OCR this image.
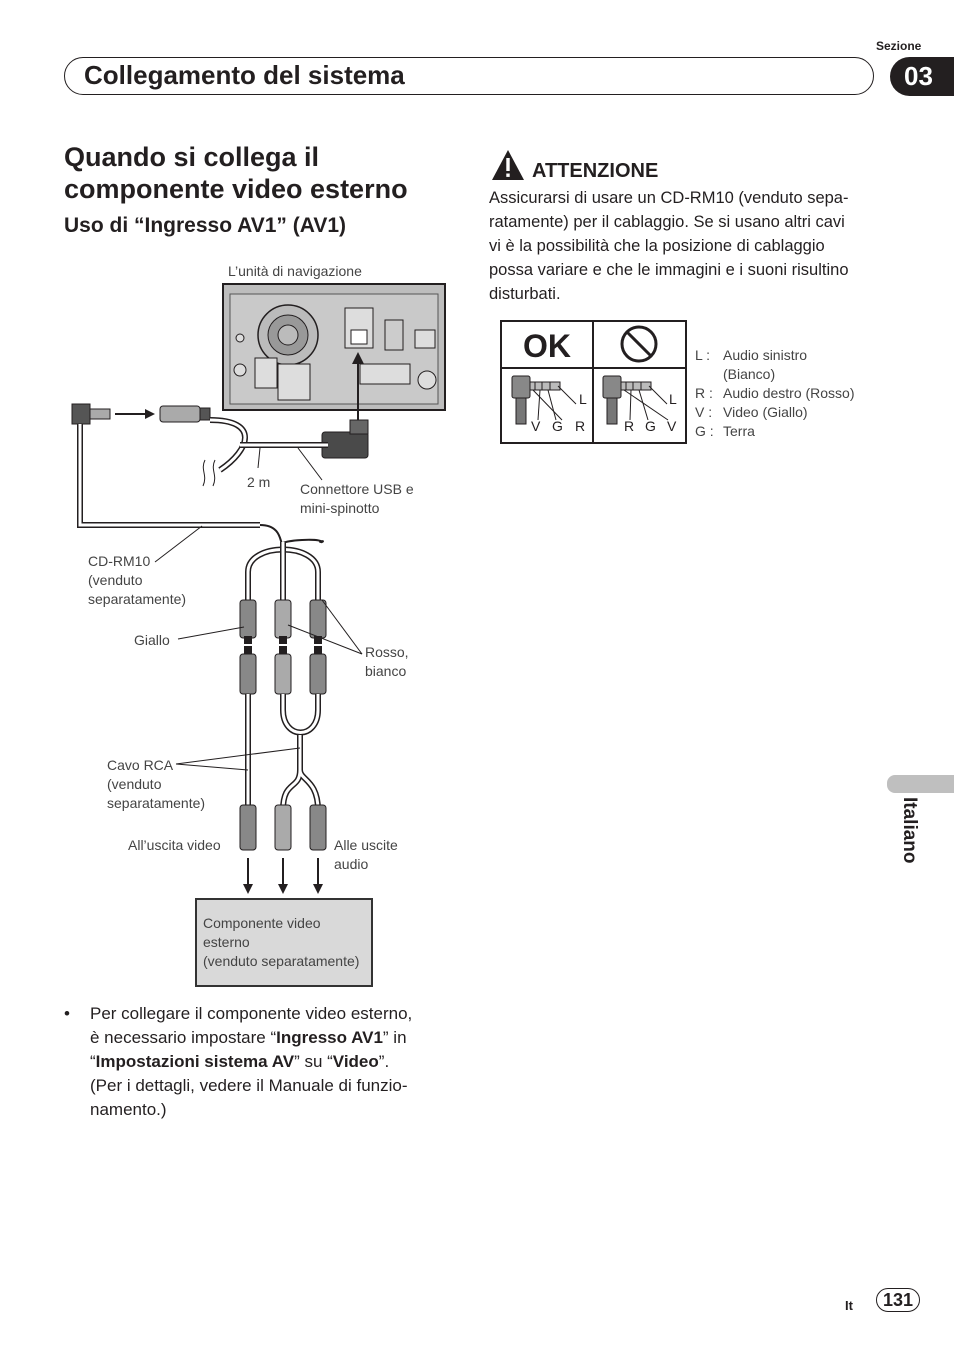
Sezione
Collegamento del sistema	03
Quando si collega il
componente video esterno
Uso di “Ingresso AV1” (AV1)
ATTENZIONE
Assicurarsi di usare un CD-RM10 (venduto sepa-
ratamente) per il cablaggio. Se si usano altri cavi
vi è la possibilità che la posizione di cablaggio
possa variare e che le immagini e i suoni risultino
disturbati.
OK
L
V G R
L
R G V
L : Audio sinistro
(Bianco)
R : Audio destro (Rosso)
V : Video (Giallo)
G : Terra
L’unità di navigazione
2 m Connettore USB e
mini-spinotto
CD-RM10
(venduto
separatamente)
Giallo
Rosso,
bianco
Cavo RCA
(venduto
separatamente)
All’uscita video	Alle uscite
audio
Componente video
esterno
(venduto separatamente)
•	Per collegare il componente video esterno,
è necessario impostare “Ingresso AV1” in
“Impostazioni sistema AV” su “Video”.
(Per i dettagli, vedere il Manuale di funzio-
namento.)
Italiano
It 131
